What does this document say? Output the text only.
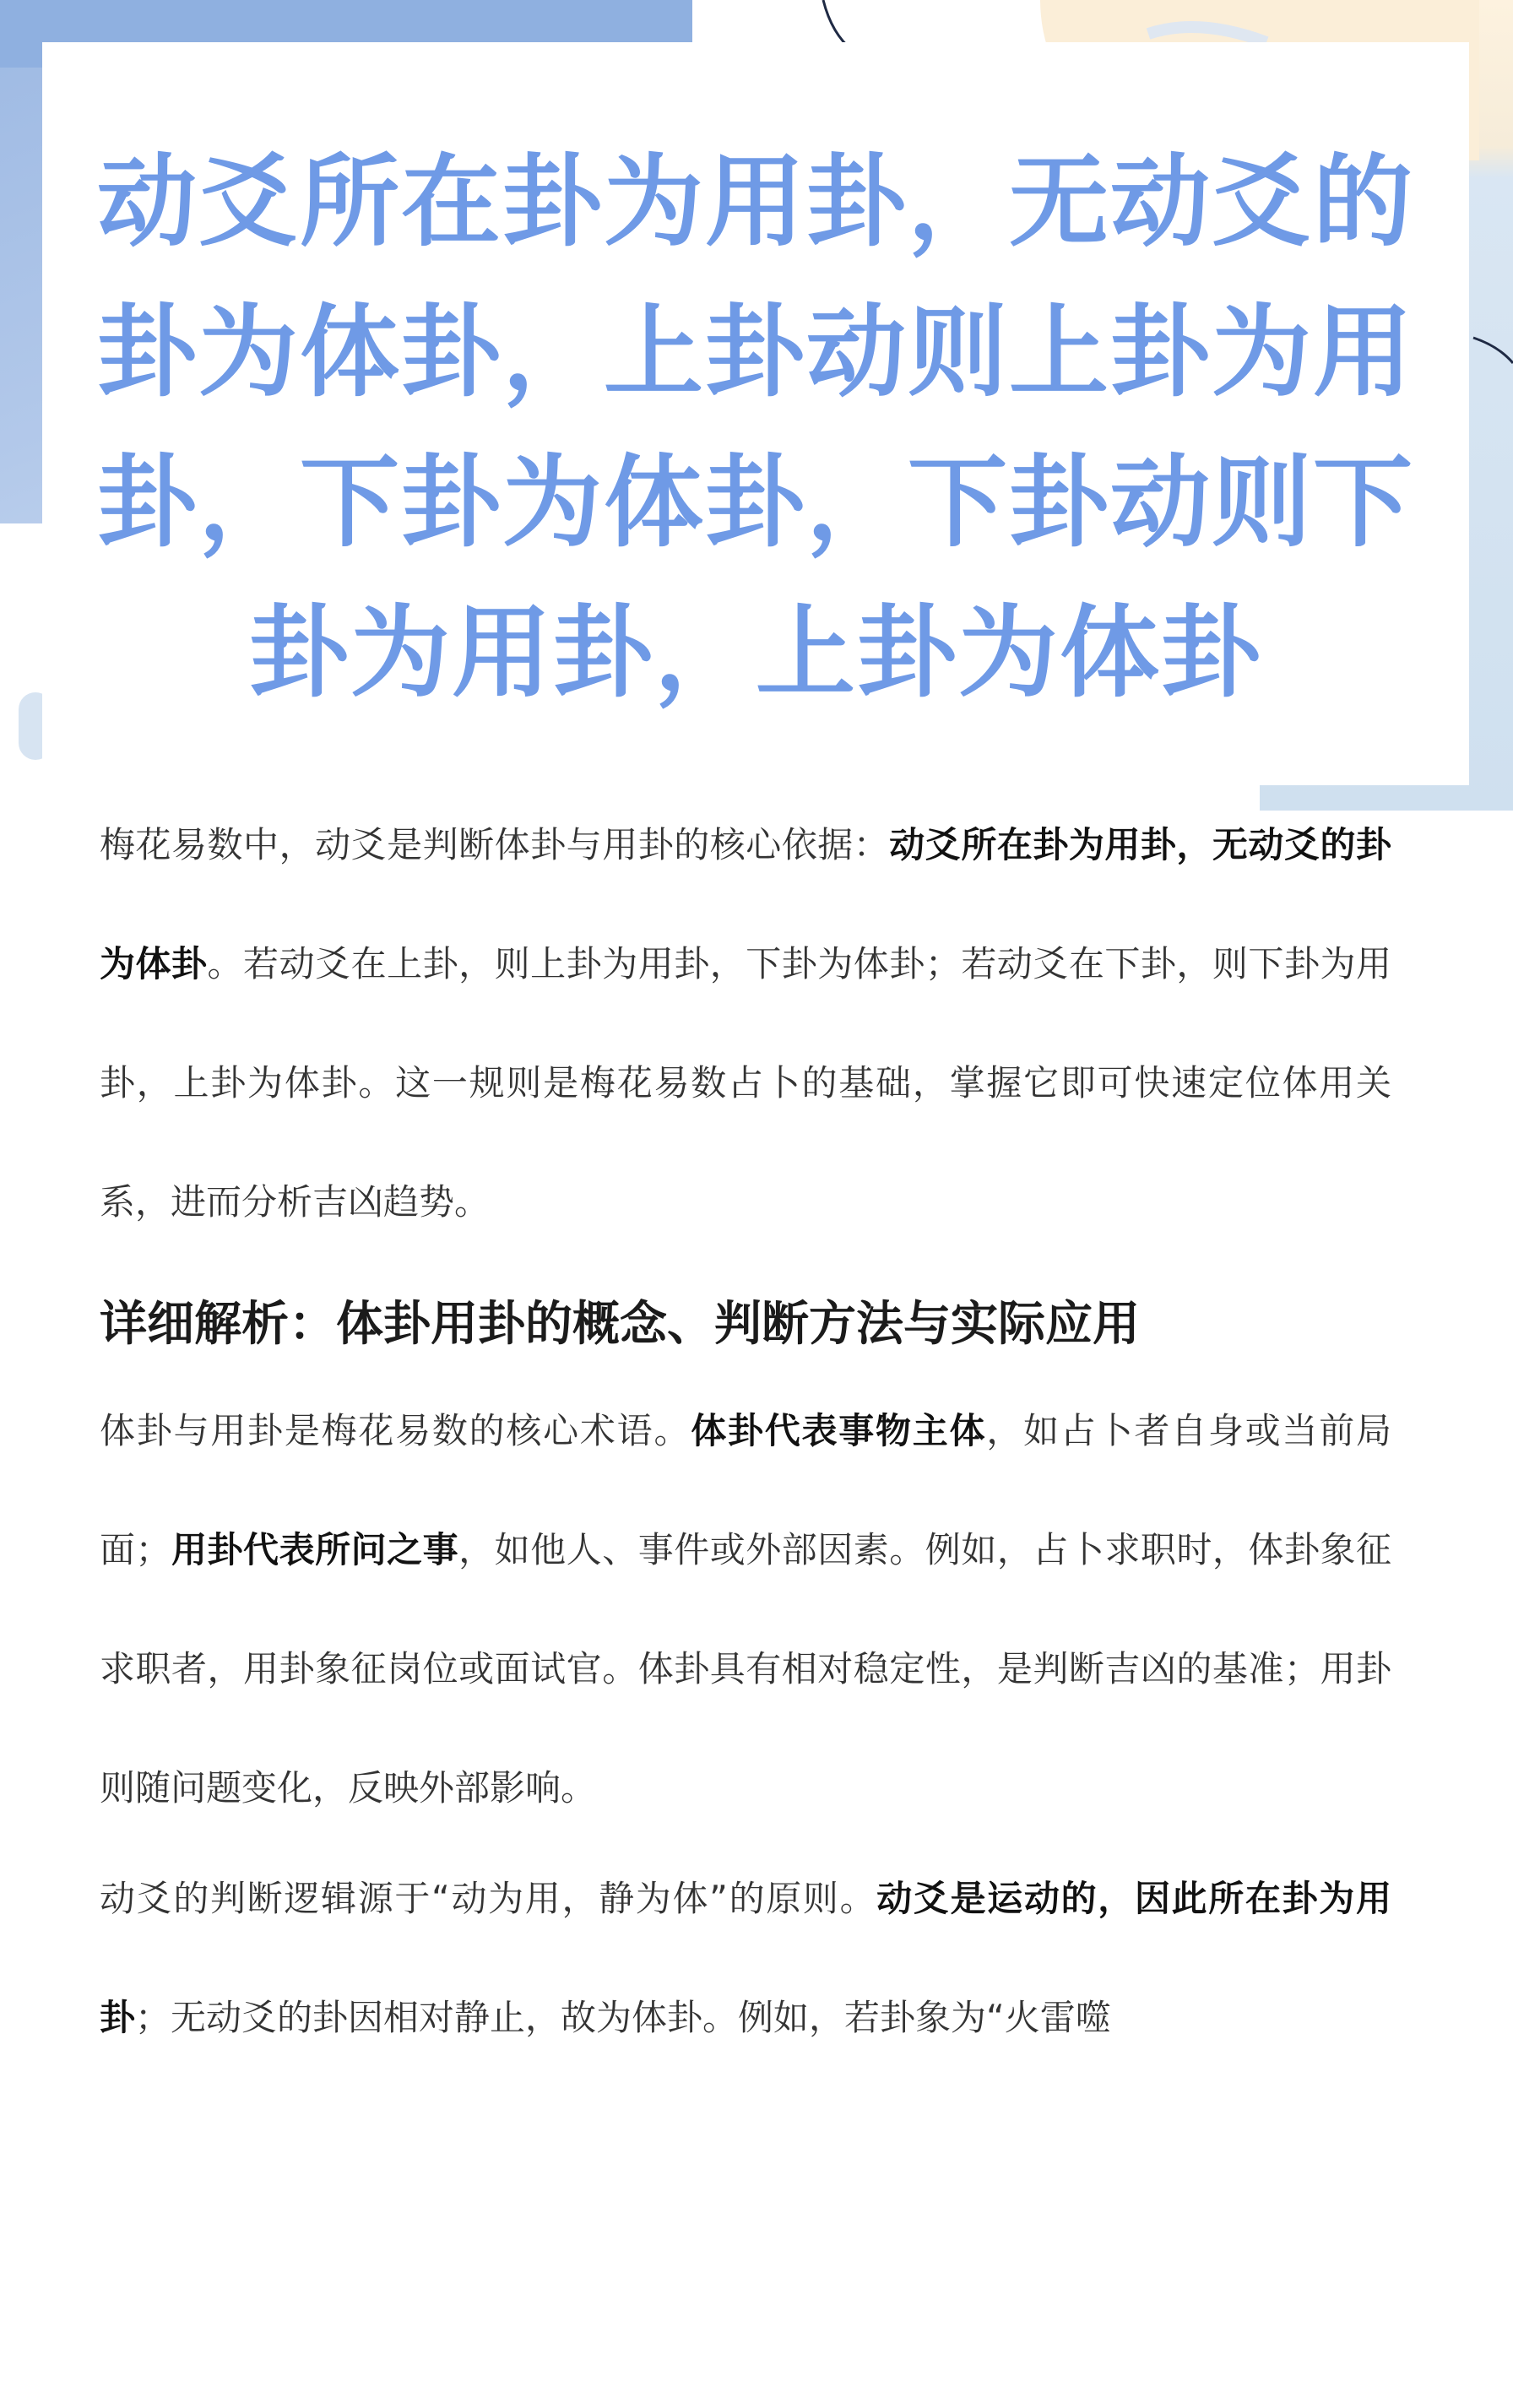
动爻所在卦为用卦，无动爻的卦为体卦，上卦动则上卦为用卦，下卦为体卦，下卦动则下卦为用卦，上卦为体卦

梅花易数中，动爻是判断体卦与用卦的核心依据：动爻所在卦为用卦，无动爻的卦为体卦。若动爻在上卦，则上卦为用卦，下卦为体卦；若动爻在下卦，则下卦为用卦，上卦为体卦。这一规则是梅花易数占卜的基础，掌握它即可快速定位体用关系，进而分析吉凶趋势。

详细解析：体卦用卦的概念、判断方法与实际应用

体卦与用卦是梅花易数的核心术语。体卦代表事物主体，如占卜者自身或当前局面；用卦代表所问之事，如他人、事件或外部因素。例如，占卜求职时，体卦象征求职者，用卦象征岗位或面试官。体卦具有相对稳定性，是判断吉凶的基准；用卦则随问题变化，反映外部影响。

动爻的判断逻辑源于“动为用，静为体”的原则。动爻是运动的，因此所在卦为用卦；无动爻的卦因相对静止，故为体卦。例如，若卦象为“火雷噬
